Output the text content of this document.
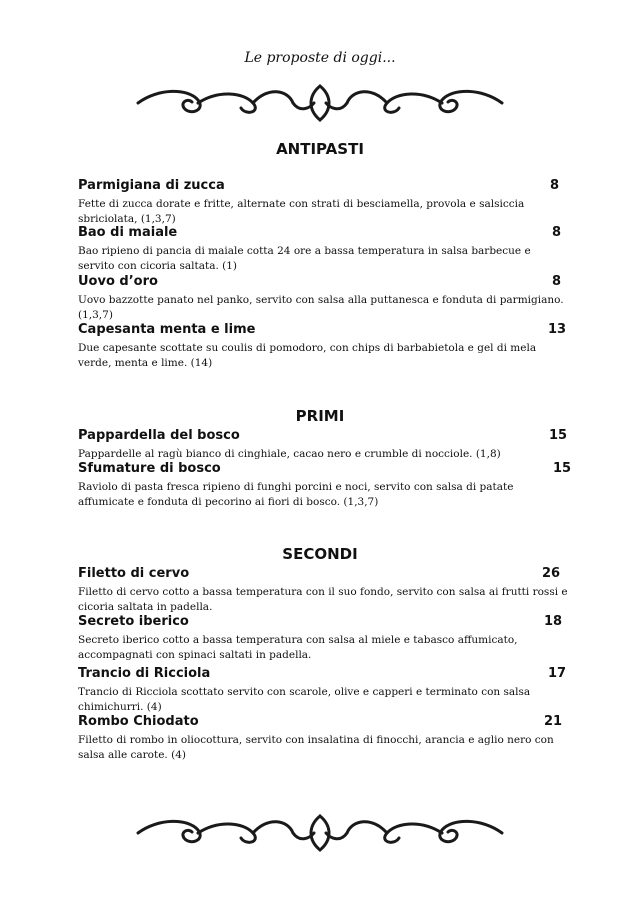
Le proposte di oggi...
ANTIPASTI
Parmigiana di zucca	8
Fette di zucca dorate e fritte, alternate con strati di besciamella, provola e salsiccia sbriciolata, (1,3,7)
Bao di maiale	8
Bao ripieno di pancia di maiale cotta 24 ore a bassa temperatura in salsa barbecue e servito con cicoria saltata. (1)
Uovo d’oro	8
Uovo bazzotte panato nel panko, servito con salsa alla puttanesca e fonduta di parmigiano. (1,3,7)
Capesanta menta e lime	13
Due capesante scottate su coulis di pomodoro, con chips di barbabietola e gel di mela verde, menta e lime. (14)
PRIMI
Pappardella del bosco	15
Pappardelle al ragù bianco di cinghiale, cacao nero e crumble di nocciole. (1,8)
Sfumature di bosco	15
Raviolo di pasta fresca ripieno di funghi porcini e noci, servito con salsa di patate affumicate e fonduta di pecorino ai fiori di bosco. (1,3,7)
SECONDI
Filetto di cervo	26
Filetto di cervo cotto a bassa temperatura con il suo fondo, servito con salsa ai frutti rossi e cicoria saltata in padella.
Secreto iberico	18
Secreto iberico cotto a bassa temperatura con salsa al miele e tabasco affumicato, accompagnati con spinaci saltati in padella.
Trancio di Ricciola	17
Trancio di Ricciola scottato servito con scarole, olive e capperi e terminato con salsa chimichurri. (4)
Rombo Chiodato	21
Filetto di rombo in oliocottura, servito con insalatina di finocchi, arancia e aglio nero con salsa alle carote. (4)
